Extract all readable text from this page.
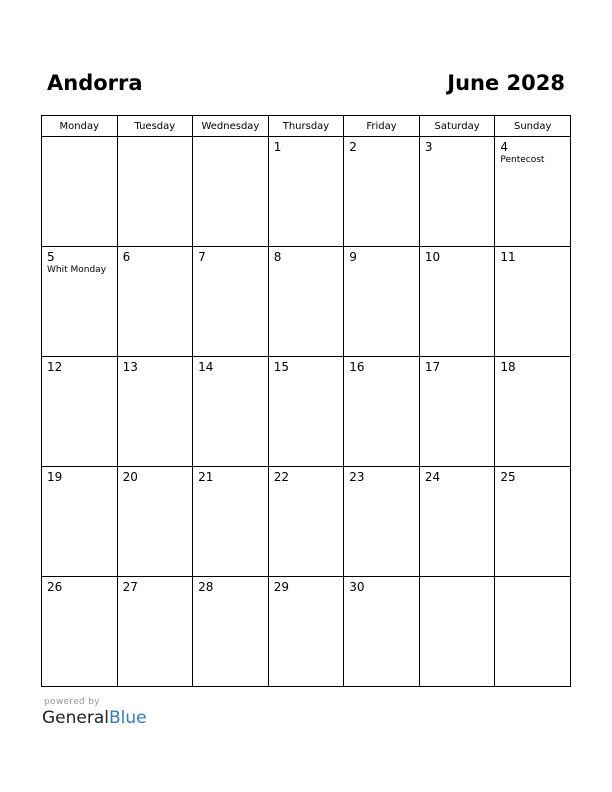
Andorra	June 2028
Monday	Tuesday	Wednesday	Thursday	Friday	Saturday	Sunday

			1	2	3	4
Pentecost

5
Whit Monday	6	7	8	9	10	11

12	13	14	15	16	17	18

19	20	21	22	23	24	25

26	27	28	29	30		

powered by
GeneralBlue
